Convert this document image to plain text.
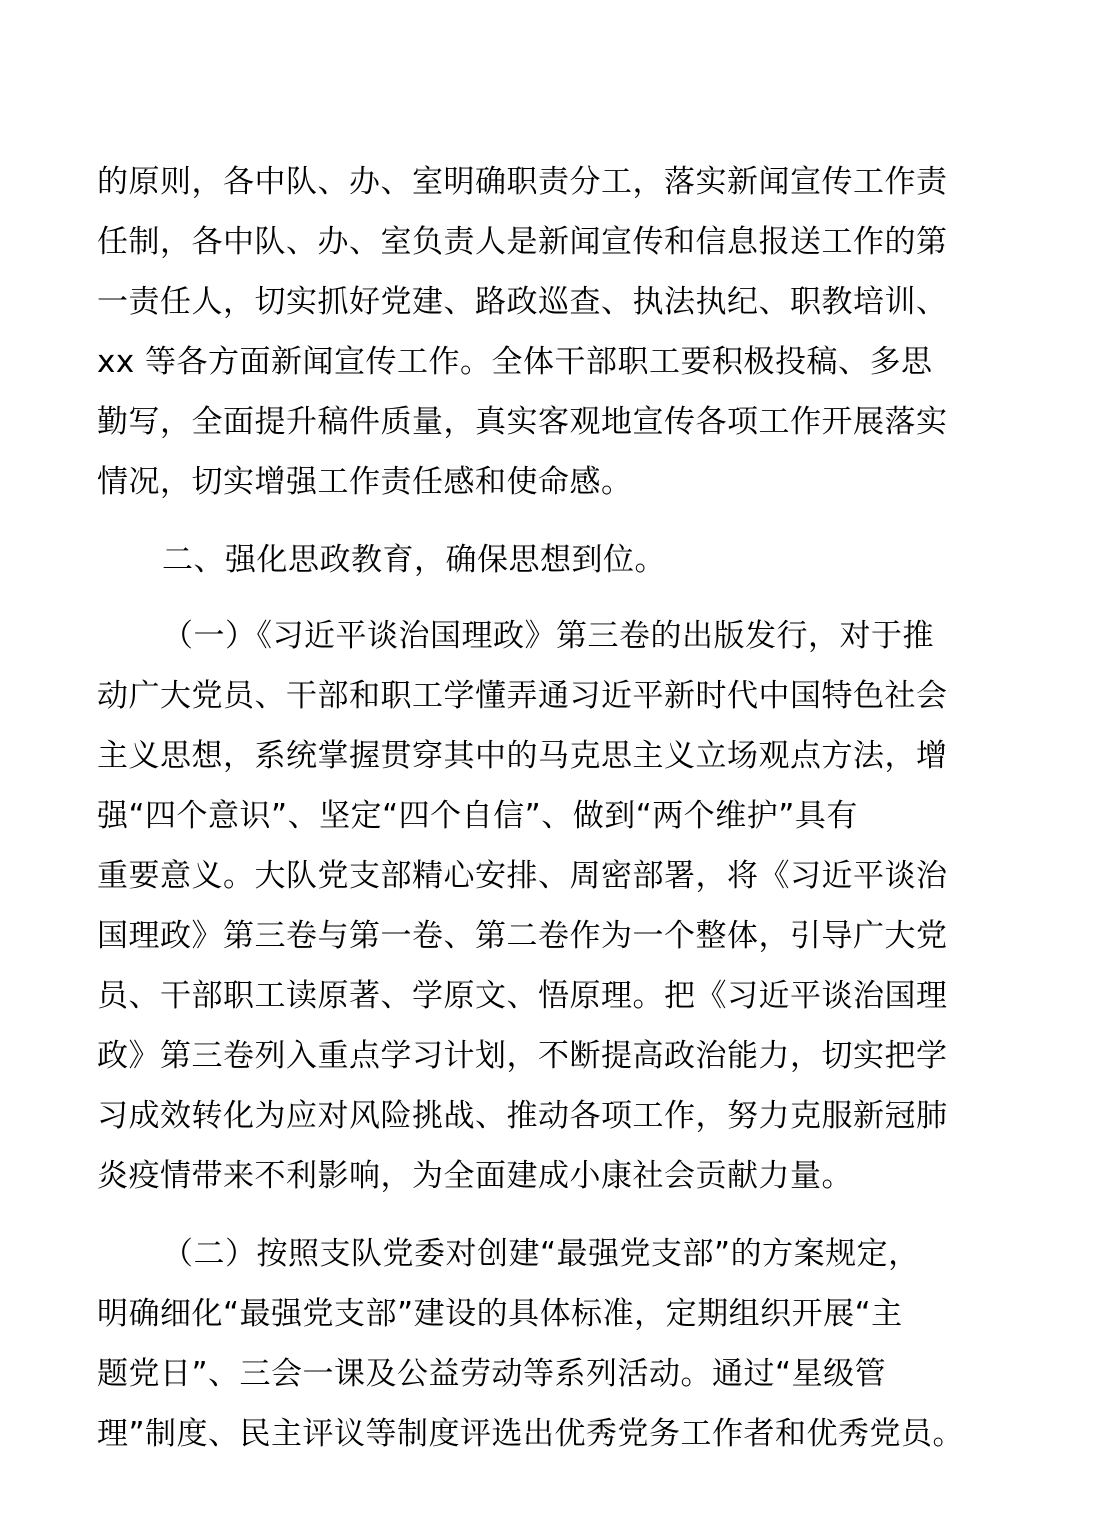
的原则，各中队、办、室明确职责分工，落实新闻宣传工作责
任制，各中队、办、室负责人是新闻宣传和信息报送工作的第
一责任人，切实抓好党建、路政巡查、执法执纪、职教培训、
xx 等各方面新闻宣传工作。全体干部职工要积极投稿、多思
勤写，全面提升稿件质量，真实客观地宣传各项工作开展落实
情况，切实增强工作责任感和使命感。
二、强化思政教育，确保思想到位。
（一）《习近平谈治国理政》第三卷的出版发行，对于推
动广大党员、干部和职工学懂弄通习近平新时代中国特色社会
主义思想，系统掌握贯穿其中的马克思主义立场观点方法，增
强“四个意识”、坚定“四个自信”、做到“两个维护”具有
重要意义。大队党支部精心安排、周密部署，将《习近平谈治
国理政》第三卷与第一卷、第二卷作为一个整体，引导广大党
员、干部职工读原著、学原文、悟原理。把《习近平谈治国理
政》第三卷列入重点学习计划，不断提高政治能力，切实把学
习成效转化为应对风险挑战、推动各项工作，努力克服新冠肺
炎疫情带来不利影响，为全面建成小康社会贡献力量。
（二）按照支队党委对创建“最强党支部”的方案规定，
明确细化“最强党支部”建设的具体标准，定期组织开展“主
题党日”、三会一课及公益劳动等系列活动。通过“星级管
理”制度、民主评议等制度评选出优秀党务工作者和优秀党员。
